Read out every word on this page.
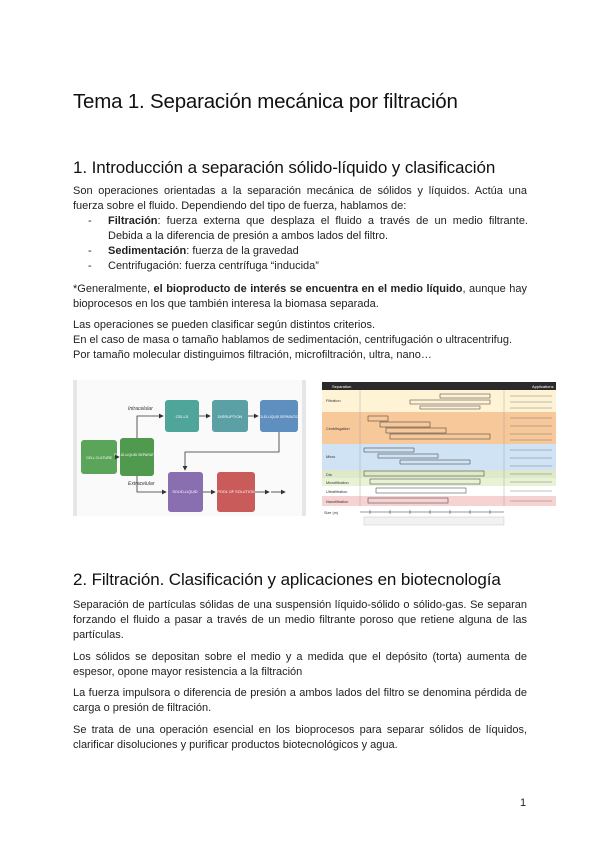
Tema 1. Separación mecánica por filtración
1. Introducción a separación sólido-líquido y clasificación

Son operaciones orientadas a la separación mecánica de sólidos y líquidos. Actúa una fuerza sobre el fluido. Dependiendo del tipo de fuerza, hablamos de:

- Filtración: fuerza externa que desplaza el fluido a través de un medio filtrante. Debida a la diferencia de presión a ambos lados del filtro.
- Sedimentación: fuerza de la gravedad
- Centrifugación: fuerza centrífuga “inducida”

*Generalmente, el bioproducto de interés se encuentra en el medio líquido, aunque hay bioprocesos en los que también interesa la biomasa separada.

Las operaciones se pueden clasificar según distintos criterios.
En el caso de masa o tamaño hablamos de sedimentación, centrifugación o ultracentrifug.
Por tamaño molecular distinguimos filtración, microfiltración, ultra, nano…

Intracelular
Extracelular
CELL CULTURE
SOLID-LIQUID SEPARATION
CELLS	DISRUPTION	SOLID-LIQUID SEPARATION
SOLID-LIQUID	POOL OF SOLUTION
Separation	Applications
Filtration
Centrifugation
Micro
Dia
Microfiltration
Ultrafiltration
Nanofiltration
Size (m)
2. Filtración. Clasificación y aplicaciones en biotecnología

Separación de partículas sólidas de una suspensión líquido-sólido o sólido-gas. Se separan forzando el fluido a pasar a través de un medio filtrante poroso que retiene alguna de las partículas.

Los sólidos se depositan sobre el medio y a medida que el depósito (torta) aumenta de espesor, opone mayor resistencia a la filtración

La fuerza impulsora o diferencia de presión a ambos lados del filtro se denomina pérdida de carga o presión de filtración.

Se trata de una operación esencial en los bioprocesos para separar sólidos de líquidos, clarificar disoluciones y purificar productos biotecnológicos y agua.

1
